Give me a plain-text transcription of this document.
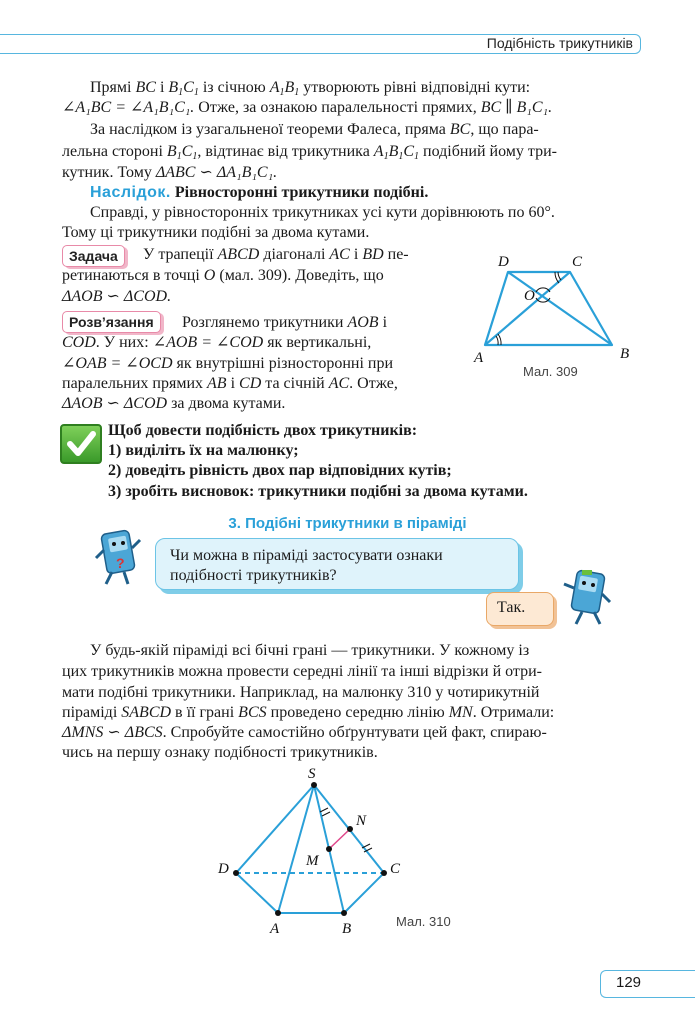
Подібність трикутників
Прямі BC і $B_1C_1$ із січною $A_1B_1$ утворюють рівні відповідні кути:
∠A₁BC = ∠A₁B₁C₁. Отже, за ознакою паралельності прямих, BC ∥ B₁C₁.
За наслідком із узагальненої теореми Фалеса, пряма BC, що пара-
лельна стороні $B_1C_1$, відтинає від трикутника $A_1B_1C_1$ подібний йому три-
кутник. Тому ΔABC ∽ ΔA₁B₁C₁.
Наслідок. Рівносторонні трикутники подібні.
Справді, у рівносторонніх трикутниках усі кути дорівнюють по 60°.
Тому ці трикутники подібні за двома кутами.
Задача	У трапеції ABCD діагоналі AC і BD пе-
ретинаються в точці O (мал. 309). Доведіть, що
ΔAOB ∽ ΔCOD.
Розв’язання	Розглянемо трикутники AOB і
COD. У них: ∠AOB = ∠COD як вертикальні,
∠OAB = ∠OCD як внутрішні різносторонні при
паралельних прямих AB і CD та січній AC. Отже,
ΔAOB ∽ ΔCOD за двома кутами.
A	B
C
D
O
Мал. 309
Щоб довести подібність двох трикутників:
1) виділіть їх на малюнку;
2) доведіть рівність двох пар відповідних кутів;
3) зробіть висновок: трикутники подібні за двома кутами.
3. Подібні трикутники в піраміді
?	Чи можна в піраміді застосувати ознаки
подібності трикутників?
Так.
У будь-якій піраміді всі бічні грані — трикутники. У кожному із
цих трикутників можна провести середні лінії та інші відрізки й отри-
мати подібні трикутники. Наприклад, на малюнку 310 у чотирикутній
піраміді SABCD в її грані BCS проведено середню лінію MN. Отримали:
ΔMNS ∽ ΔBCS. Спробуйте самостійно обґрунтувати цей факт, спираю-
чись на першу ознаку подібності трикутників.
S
N
M
D	C
A	B	Мал. 310
129
